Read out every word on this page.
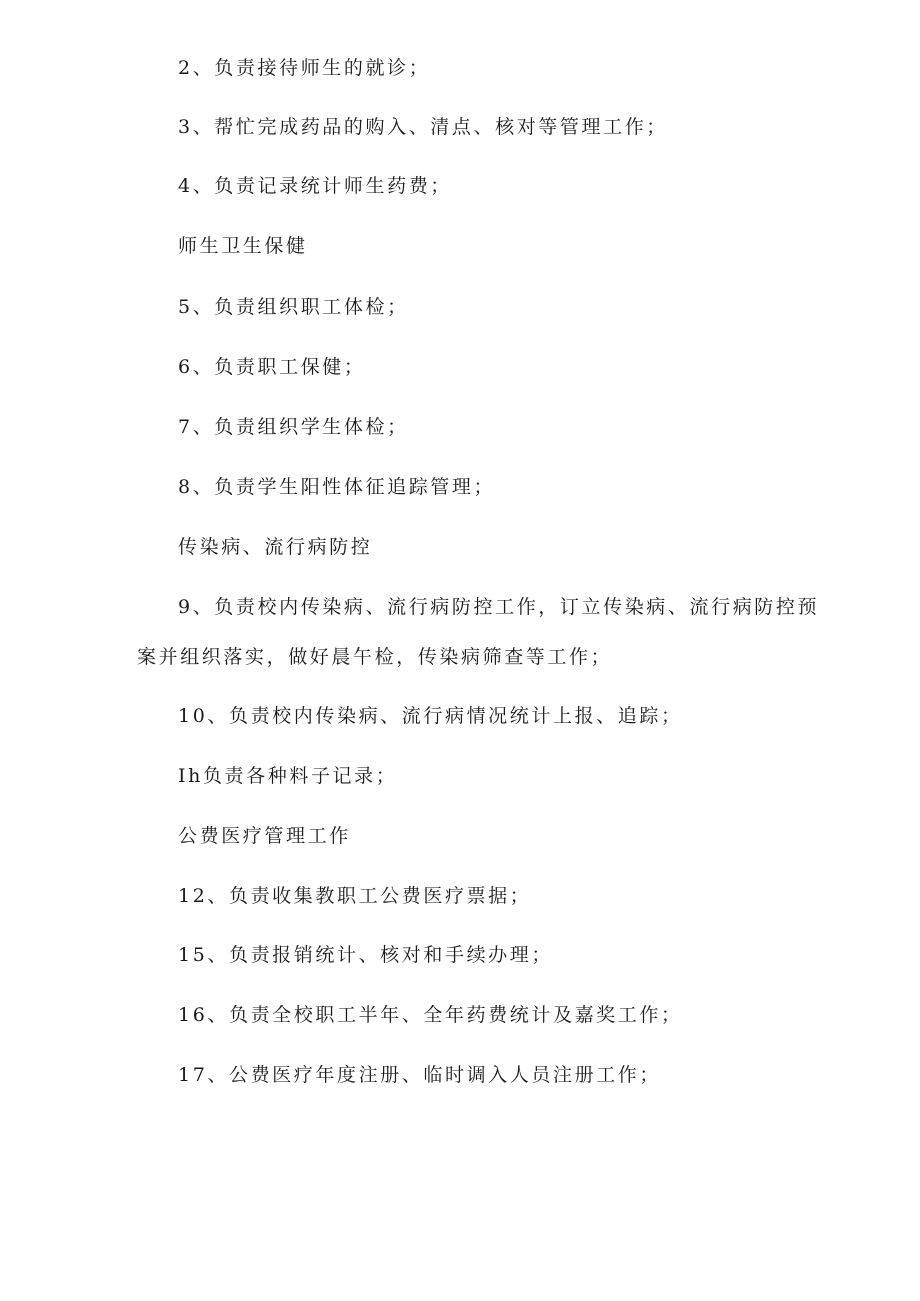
2、负责接待师生的就诊；
3、帮忙完成药品的购入、清点、核对等管理工作；
4、负责记录统计师生药费；
师生卫生保健
5、负责组织职工体检；
6、负责职工保健；
7、负责组织学生体检；
8、负责学生阳性体征追踪管理；
传染病、流行病防控
9、负责校内传染病、流行病防控工作，订立传染病、流行病防控预
案并组织落实，做好晨午检，传染病筛查等工作；
10、负责校内传染病、流行病情况统计上报、追踪；
Ih负责各种料子记录；
公费医疗管理工作
12、负责收集教职工公费医疗票据；
15、负责报销统计、核对和手续办理；
16、负责全校职工半年、全年药费统计及嘉奖工作；
17、公费医疗年度注册、临时调入人员注册工作；
